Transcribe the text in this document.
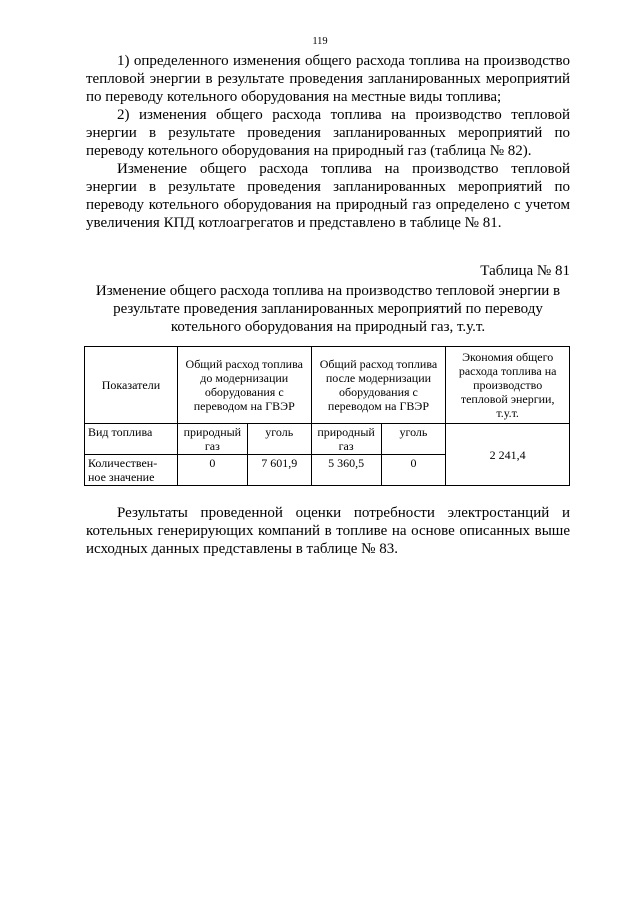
119

1) определенного изменения общего расхода топлива на производство тепловой энергии в результате проведения запланированных мероприятий по переводу котельного оборудования на местные виды топлива;

2) изменения общего расхода топлива на производство тепловой энергии в результате проведения запланированных мероприятий по переводу котельного оборудования на природный газ (таблица № 82).

Изменение общего расхода топлива на производство тепловой энергии в результате проведения запланированных мероприятий по переводу котельного оборудования на природный газ определено с учетом увеличения КПД котлоагрегатов и представлено в таблице № 81.

Таблица № 81
Изменение общего расхода топлива на производство тепловой энергии в результате проведения запланированных мероприятий по переводу котельного оборудования на природный газ, т.у.т.
Показатели	Общий расход топлива до модернизации оборудования с переводом на ГВЭР		Общий расход топлива после модернизации оборудования с переводом на ГВЭР		Экономия общего расхода топлива на производство тепловой энергии, т.у.т.
Вид топлива	природный газ	уголь	природный газ	уголь	2 241,4
Количествен-ное значение	0	7 601,9	5 360,5	0	

Результаты проведенной оценки потребности электростанций и котельных генерирующих компаний в топливе на основе описанных выше исходных данных представлены в таблице № 83.
